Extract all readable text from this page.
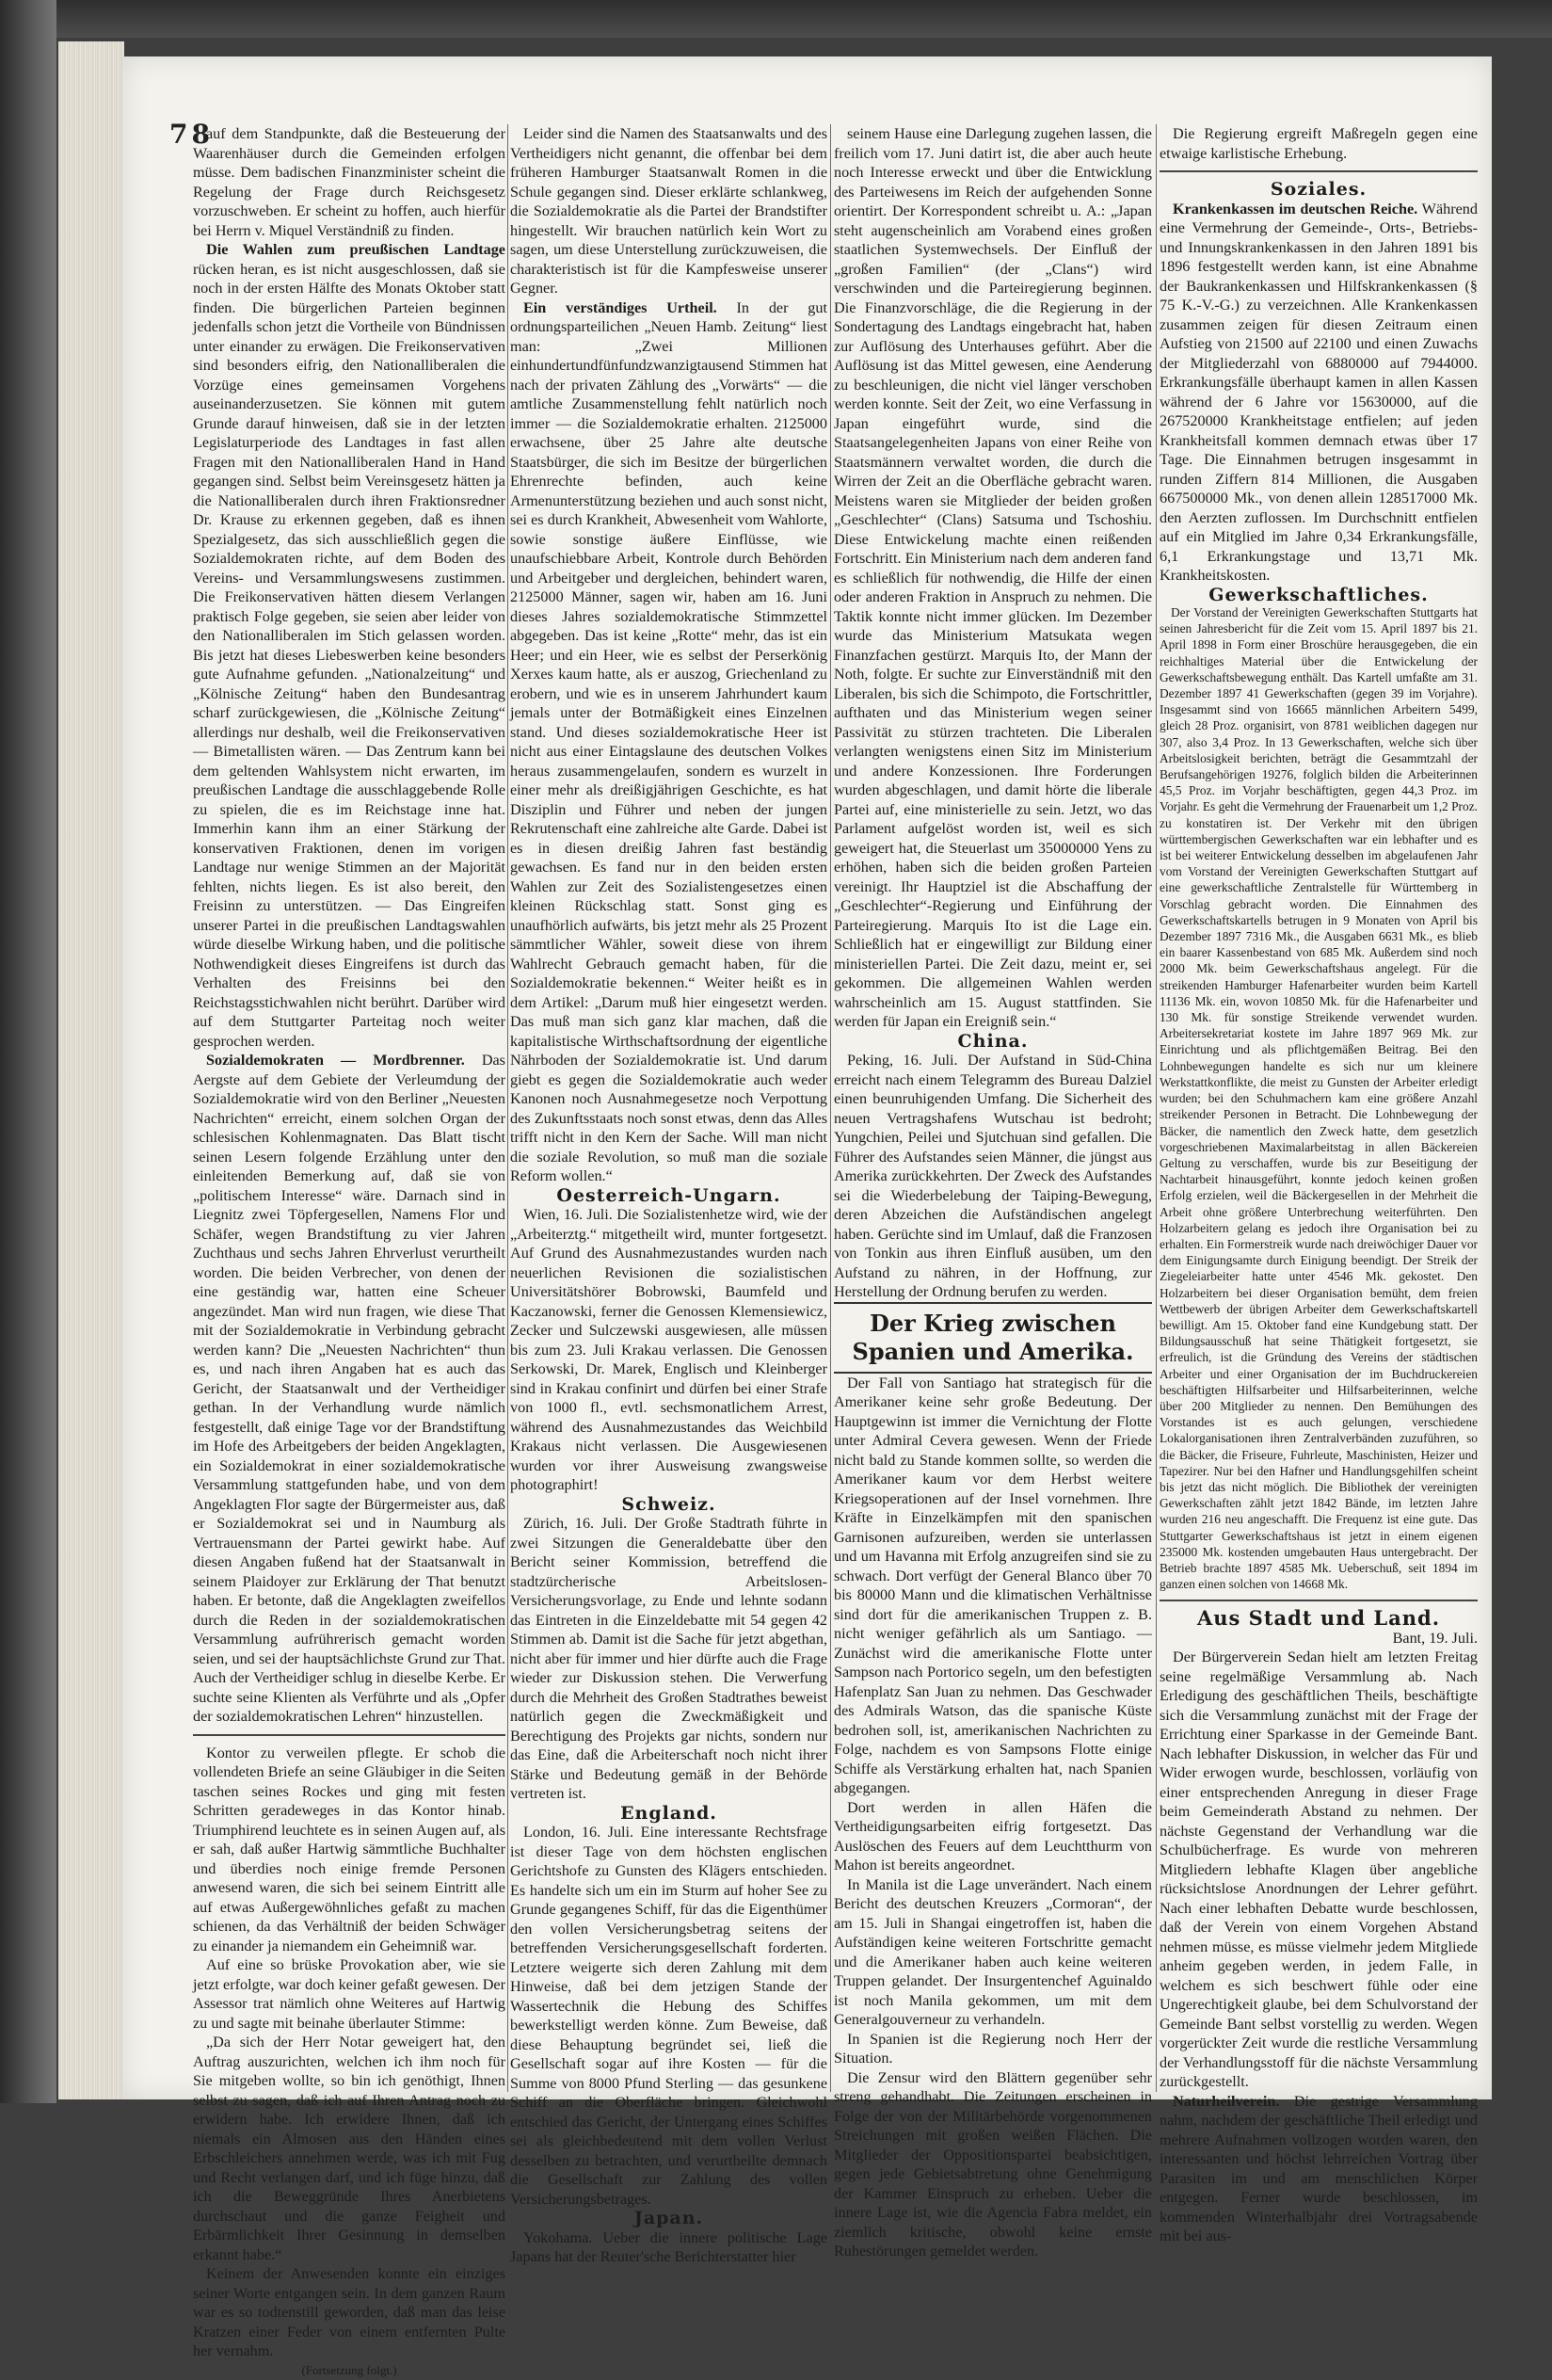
78

auf dem Standpunkte, daß die Besteuerung der Waarenhäuser durch die Gemeinden erfolgen müsse. Dem badischen Finanzminister scheint die Regelung der Frage durch Reichsgesetz vorzuschweben. Er scheint zu hoffen, auch hierfür bei Herrn v. Miquel Verständniß zu finden.

Die Wahlen zum preußischen Landtage rücken heran, es ist nicht ausgeschlossen, daß sie noch in der ersten Hälfte des Monats Oktober statt finden. Die bürgerlichen Parteien beginnen jedenfalls schon jetzt die Vortheile von Bündnissen unter einander zu erwägen. Die Freikonservativen sind besonders eifrig, den Nationalliberalen die Vorzüge eines gemeinsamen Vorgehens auseinanderzusetzen. Sie können mit gutem Grunde darauf hinweisen, daß sie in der letzten Legislaturperiode des Landtages in fast allen Fragen mit den Nationalliberalen Hand in Hand gegangen sind. Selbst beim Vereinsgesetz hätten ja die Nationalliberalen durch ihren Fraktionsredner Dr. Krause zu erkennen gegeben, daß es ihnen Spezialgesetz, das sich ausschließlich gegen die Sozialdemokraten richte, auf dem Boden des Vereins- und Versammlungswesens zustimmen. Die Freikonservativen hätten diesem Verlangen praktisch Folge gegeben, sie seien aber leider von den Nationalliberalen im Stich gelassen worden. Bis jetzt hat dieses Liebeswerben keine besonders gute Aufnahme gefunden. „Nationalzeitung“ und „Kölnische Zeitung“ haben den Bundesantrag scharf zurückgewiesen, die „Kölnische Zeitung“ allerdings nur deshalb, weil die Freikonservativen — Bimetallisten wären. — Das Zentrum kann bei dem geltenden Wahlsystem nicht erwarten, im preußischen Landtage die ausschlaggebende Rolle zu spielen, die es im Reichstage inne hat. Immerhin kann ihm an einer Stärkung der konservativen Fraktionen, denen im vorigen Landtage nur wenige Stimmen an der Majorität fehlten, nichts liegen. Es ist also bereit, den Freisinn zu unterstützen. — Das Eingreifen unserer Partei in die preußischen Landtagswahlen würde dieselbe Wirkung haben, und die politische Nothwendigkeit dieses Eingreifens ist durch das Verhalten des Freisinns bei den Reichstagsstichwahlen nicht berührt. Darüber wird auf dem Stuttgarter Parteitag noch weiter gesprochen werden.

Sozialdemokraten — Mordbrenner. Das Aergste auf dem Gebiete der Verleumdung der Sozialdemokratie wird von den Berliner „Neuesten Nachrichten“ erreicht, einem solchen Organ der schlesischen Kohlenmagnaten. Das Blatt tischt seinen Lesern folgende Erzählung unter den einleitenden Bemerkung auf, daß sie von „politischem Interesse“ wäre. Darnach sind in Liegnitz zwei Töpfergesellen, Namens Flor und Schäfer, wegen Brandstiftung zu vier Jahren Zuchthaus und sechs Jahren Ehrverlust verurtheilt worden. Die beiden Verbrecher, von denen der eine geständig war, hatten eine Scheuer angezündet. Man wird nun fragen, wie diese That mit der Sozialdemokratie in Verbindung gebracht werden kann? Die „Neuesten Nachrichten“ thun es, und nach ihren Angaben hat es auch das Gericht, der Staatsanwalt und der Vertheidiger gethan. In der Verhandlung wurde nämlich festgestellt, daß einige Tage vor der Brandstiftung im Hofe des Arbeitgebers der beiden Angeklagten, ein Sozialdemokrat in einer sozialdemokratische Versammlung stattgefunden habe, und von dem Angeklagten Flor sagte der Bürgermeister aus, daß er Sozialdemokrat sei und in Naumburg als Vertrauensmann der Partei gewirkt habe. Auf diesen Angaben fußend hat der Staatsanwalt in seinem Plaidoyer zur Erklärung der That benutzt haben. Er betonte, daß die Angeklagten zweifellos durch die Reden in der sozialdemokratischen Versammlung aufrührerisch gemacht worden seien, und sei der hauptsächlichste Grund zur That. Auch der Vertheidiger schlug in dieselbe Kerbe. Er suchte seine Klienten als Verführte und als „Opfer der sozialdemokratischen Lehren“ hinzustellen.

Kontor zu verweilen pflegte. Er schob die vollendeten Briefe an seine Gläubiger in die Seiten taschen seines Rockes und ging mit festen Schritten geradeweges in das Kontor hinab. Triumphirend leuchtete es in seinen Augen auf, als er sah, daß außer Hartwig sämmtliche Buchhalter und überdies noch einige fremde Personen anwesend waren, die sich bei seinem Eintritt alle auf etwas Außergewöhnliches gefaßt zu machen schienen, da das Verhältniß der beiden Schwäger zu einander ja niemandem ein Geheimniß war.

Auf eine so brüske Provokation aber, wie sie jetzt erfolgte, war doch keiner gefaßt gewesen. Der Assessor trat nämlich ohne Weiteres auf Hartwig zu und sagte mit beinahe überlauter Stimme:

„Da sich der Herr Notar geweigert hat, den Auftrag auszurichten, welchen ich ihm noch für Sie mitgeben wollte, so bin ich genöthigt, Ihnen selbst zu sagen, daß ich auf Ihren Antrag noch zu erwidern habe. Ich erwidere Ihnen, daß ich niemals ein Almosen aus den Händen eines Erbschleichers annehmen werde, was ich mit Fug und Recht verlangen darf, und ich füge hinzu, daß ich die Beweggründe Ihres Anerbietens durchschaut und die ganze Feigheit und Erbärmlichkeit Ihrer Gesinnung in demselben erkannt habe.“

Keinem der Anwesenden konnte ein einziges seiner Worte entgangen sein. In dem ganzen Raum war es so todtenstill geworden, daß man das leise Kratzen einer Feder von einem entfernten Pulte her vernahm.

(Fortsetzung folgt.)

Leider sind die Namen des Staatsanwalts und des Vertheidigers nicht genannt, die offenbar bei dem früheren Hamburger Staatsanwalt Romen in die Schule gegangen sind. Dieser erklärte schlankweg, die Sozialdemokratie als die Partei der Brandstifter hingestellt. Wir brauchen natürlich kein Wort zu sagen, um diese Unterstellung zurückzuweisen, die charakteristisch ist für die Kampfesweise unserer Gegner.

Ein verständiges Urtheil. In der gut ordnungsparteilichen „Neuen Hamb. Zeitung“ liest man: „Zwei Millionen einhundertundfünfundzwanzigtausend Stimmen hat nach der privaten Zählung des „Vorwärts“ — die amtliche Zusammenstellung fehlt natürlich noch immer — die Sozialdemokratie erhalten. 2125000 erwachsene, über 25 Jahre alte deutsche Staatsbürger, die sich im Besitze der bürgerlichen Ehrenrechte befinden, auch keine Armenunterstützung beziehen und auch sonst nicht, sei es durch Krankheit, Abwesenheit vom Wahlorte, sowie sonstige äußere Einflüsse, wie unaufschiebbare Arbeit, Kontrole durch Behörden und Arbeitgeber und dergleichen, behindert waren, 2125000 Männer, sagen wir, haben am 16. Juni dieses Jahres sozialdemokratische Stimmzettel abgegeben. Das ist keine „Rotte“ mehr, das ist ein Heer; und ein Heer, wie es selbst der Perserkönig Xerxes kaum hatte, als er auszog, Griechenland zu erobern, und wie es in unserem Jahrhundert kaum jemals unter der Botmäßigkeit eines Einzelnen stand. Und dieses sozialdemokratische Heer ist nicht aus einer Eintagslaune des deutschen Volkes heraus zusammengelaufen, sondern es wurzelt in einer mehr als dreißigjährigen Geschichte, es hat Disziplin und Führer und neben der jungen Rekrutenschaft eine zahlreiche alte Garde. Dabei ist es in diesen dreißig Jahren fast beständig gewachsen. Es fand nur in den beiden ersten Wahlen zur Zeit des Sozialistengesetzes einen kleinen Rückschlag statt. Sonst ging es unaufhörlich aufwärts, bis jetzt mehr als 25 Prozent sämmtlicher Wähler, soweit diese von ihrem Wahlrecht Gebrauch gemacht haben, für die Sozialdemokratie bekennen.“ Weiter heißt es in dem Artikel: „Darum muß hier eingesetzt werden. Das muß man sich ganz klar machen, daß die kapitalistische Wirthschaftsordnung der eigentliche Nährboden der Sozialdemokratie ist. Und darum giebt es gegen die Sozialdemokratie auch weder Kanonen noch Ausnahmegesetze noch Verpottung des Zukunftsstaats noch sonst etwas, denn das Alles trifft nicht in den Kern der Sache. Will man nicht die soziale Revolution, so muß man die soziale Reform wollen.“

Oesterreich-Ungarn.

Wien, 16. Juli. Die Sozialistenhetze wird, wie der „Arbeiterztg.“ mitgetheilt wird, munter fortgesetzt. Auf Grund des Ausnahmezustandes wurden nach neuerlichen Revisionen die sozialistischen Universitätshörer Bobrowski, Baumfeld und Kaczanowski, ferner die Genossen Klemensiewicz, Zecker und Sulczewski ausgewiesen, alle müssen bis zum 23. Juli Krakau verlassen. Die Genossen Serkowski, Dr. Marek, Englisch und Kleinberger sind in Krakau confinirt und dürfen bei einer Strafe von 1000 fl., evtl. sechsmonatlichem Arrest, während des Ausnahmezustandes das Weichbild Krakaus nicht verlassen. Die Ausgewiesenen wurden vor ihrer Ausweisung zwangsweise photographirt!

Schweiz.

Zürich, 16. Juli. Der Große Stadtrath führte in zwei Sitzungen die Generaldebatte über den Bericht seiner Kommission, betreffend die stadtzürcherische Arbeitslosen-Versicherungsvorlage, zu Ende und lehnte sodann das Eintreten in die Einzeldebatte mit 54 gegen 42 Stimmen ab. Damit ist die Sache für jetzt abgethan, nicht aber für immer und hier dürfte auch die Frage wieder zur Diskussion stehen. Die Verwerfung durch die Mehrheit des Großen Stadtrathes beweist natürlich gegen die Zweckmäßigkeit und Berechtigung des Projekts gar nichts, sondern nur das Eine, daß die Arbeiterschaft noch nicht ihrer Stärke und Bedeutung gemäß in der Behörde vertreten ist.

England.

London, 16. Juli. Eine interessante Rechtsfrage ist dieser Tage von dem höchsten englischen Gerichtshofe zu Gunsten des Klägers entschieden. Es handelte sich um ein im Sturm auf hoher See zu Grunde gegangenes Schiff, für das die Eigenthümer den vollen Versicherungsbetrag seitens der betreffenden Versicherungsgesellschaft forderten. Letztere weigerte sich deren Zahlung mit dem Hinweise, daß bei dem jetzigen Stande der Wassertechnik die Hebung des Schiffes bewerkstelligt werden könne. Zum Beweise, daß diese Behauptung begründet sei, ließ die Gesellschaft sogar auf ihre Kosten — für die Summe von 8000 Pfund Sterling — das gesunkene Schiff an die Oberfläche bringen. Gleichwohl entschied das Gericht, der Untergang eines Schiffes sei als gleichbedeutend mit dem vollen Verlust desselben zu betrachten, und verurtheilte demnach die Gesellschaft zur Zahlung des vollen Versicherungsbetrages.

Japan.

Yokohama. Ueber die innere politische Lage Japans hat der Reuter'sche Berichterstatter hier

seinem Hause eine Darlegung zugehen lassen, die freilich vom 17. Juni datirt ist, die aber auch heute noch Interesse erweckt und über die Entwicklung des Parteiwesens im Reich der aufgehenden Sonne orientirt. Der Korrespondent schreibt u. A.: „Japan steht augenscheinlich am Vorabend eines großen staatlichen Systemwechsels. Der Einfluß der „großen Familien“ (der „Clans“) wird verschwinden und die Parteiregierung beginnen. Die Finanzvorschläge, die die Regierung in der Sondertagung des Landtags eingebracht hat, haben zur Auflösung des Unterhauses geführt. Aber die Auflösung ist das Mittel gewesen, eine Aenderung zu beschleunigen, die nicht viel länger verschoben werden konnte. Seit der Zeit, wo eine Verfassung in Japan eingeführt wurde, sind die Staatsangelegenheiten Japans von einer Reihe von Staatsmännern verwaltet worden, die durch die Wirren der Zeit an die Oberfläche gebracht waren. Meistens waren sie Mitglieder der beiden großen „Geschlechter“ (Clans) Satsuma und Tschoshiu. Diese Entwickelung machte einen reißenden Fortschritt. Ein Ministerium nach dem anderen fand es schließlich für nothwendig, die Hilfe der einen oder anderen Fraktion in Anspruch zu nehmen. Die Taktik konnte nicht immer glücken. Im Dezember wurde das Ministerium Matsukata wegen Finanzfachen gestürzt. Marquis Ito, der Mann der Noth, folgte. Er suchte zur Einverständniß mit den Liberalen, bis sich die Schimpoto, die Fortschrittler, aufthaten und das Ministerium wegen seiner Passivität zu stürzen trachteten. Die Liberalen verlangten wenigstens einen Sitz im Ministerium und andere Konzessionen. Ihre Forderungen wurden abgeschlagen, und damit hörte die liberale Partei auf, eine ministerielle zu sein. Jetzt, wo das Parlament aufgelöst worden ist, weil es sich geweigert hat, die Steuerlast um 35000000 Yens zu erhöhen, haben sich die beiden großen Parteien vereinigt. Ihr Hauptziel ist die Abschaffung der „Geschlechter“-Regierung und Einführung der Parteiregierung. Marquis Ito ist die Lage ein. Schließlich hat er eingewilligt zur Bildung einer ministeriellen Partei. Die Zeit dazu, meint er, sei gekommen. Die allgemeinen Wahlen werden wahrscheinlich am 15. August stattfinden. Sie werden für Japan ein Ereigniß sein.“

China.

Peking, 16. Juli. Der Aufstand in Süd-China erreicht nach einem Telegramm des Bureau Dalziel einen beunruhigenden Umfang. Die Sicherheit des neuen Vertragshafens Wutschau ist bedroht; Yungchien, Peilei und Sjutchuan sind gefallen. Die Führer des Aufstandes seien Männer, die jüngst aus Amerika zurückkehrten. Der Zweck des Aufstandes sei die Wiederbelebung der Taiping-Bewegung, deren Abzeichen die Aufständischen angelegt haben. Gerüchte sind im Umlauf, daß die Franzosen von Tonkin aus ihren Einfluß ausüben, um den Aufstand zu nähren, in der Hoffnung, zur Herstellung der Ordnung berufen zu werden.

Der Krieg zwischen Spanien und Amerika.

Der Fall von Santiago hat strategisch für die Amerikaner keine sehr große Bedeutung. Der Hauptgewinn ist immer die Vernichtung der Flotte unter Admiral Cevera gewesen. Wenn der Friede nicht bald zu Stande kommen sollte, so werden die Amerikaner kaum vor dem Herbst weitere Kriegsoperationen auf der Insel vornehmen. Ihre Kräfte in Einzelkämpfen mit den spanischen Garnisonen aufzureiben, werden sie unterlassen und um Havanna mit Erfolg anzugreifen sind sie zu schwach. Dort verfügt der General Blanco über 70 bis 80000 Mann und die klimatischen Verhältnisse sind dort für die amerikanischen Truppen z. B. nicht weniger gefährlich als um Santiago. — Zunächst wird die amerikanische Flotte unter Sampson nach Portorico segeln, um den befestigten Hafenplatz San Juan zu nehmen. Das Geschwader des Admirals Watson, das die spanische Küste bedrohen soll, ist, amerikanischen Nachrichten zu Folge, nachdem es von Sampsons Flotte einige Schiffe als Verstärkung erhalten hat, nach Spanien abgegangen.

Dort werden in allen Häfen die Vertheidigungsarbeiten eifrig fortgesetzt. Das Auslöschen des Feuers auf dem Leuchtthurm von Mahon ist bereits angeordnet.

In Manila ist die Lage unverändert. Nach einem Bericht des deutschen Kreuzers „Cormoran“, der am 15. Juli in Shangai eingetroffen ist, haben die Aufständigen keine weiteren Fortschritte gemacht und die Amerikaner haben auch keine weiteren Truppen gelandet. Der Insurgentenchef Aguinaldo ist noch Manila gekommen, um mit dem Generalgouverneur zu verhandeln.

In Spanien ist die Regierung noch Herr der Situation.

Die Zensur wird den Blättern gegenüber sehr streng gehandhabt. Die Zeitungen erscheinen in Folge der von der Militärbehörde vorgenommenen Streichungen mit großen weißen Flächen. Die Mitglieder der Oppositionspartei beabsichtigen, gegen jede Gebietsabtretung ohne Genehmigung der Kammer Einspruch zu erheben. Ueber die innere Lage ist, wie die Agencia Fabra meldet, ein ziemlich kritische, obwohl keine ernste Ruhestörungen gemeldet werden.

Die Regierung ergreift Maßregeln gegen eine etwaige karlistische Erhebung.

Soziales.

Krankenkassen im deutschen Reiche. Während eine Vermehrung der Gemeinde-, Orts-, Betriebs- und Innungskrankenkassen in den Jahren 1891 bis 1896 festgestellt werden kann, ist eine Abnahme der Baukrankenkassen und Hilfskrankenkassen (§ 75 K.-V.-G.) zu verzeichnen. Alle Krankenkassen zusammen zeigen für diesen Zeitraum einen Aufstieg von 21500 auf 22100 und einen Zuwachs der Mitgliederzahl von 6880000 auf 7944000. Erkrankungsfälle überhaupt kamen in allen Kassen während der 6 Jahre vor 15630000, auf die 267520000 Krankheitstage entfielen; auf jeden Krankheitsfall kommen demnach etwas über 17 Tage. Die Einnahmen betrugen insgesammt in runden Ziffern 814 Millionen, die Ausgaben 667500000 Mk., von denen allein 128517000 Mk. den Aerzten zuflossen. Im Durchschnitt entfielen auf ein Mitglied im Jahre 0,34 Erkrankungsfälle, 6,1 Erkrankungstage und 13,71 Mk. Krankheitskosten.

Gewerkschaftliches.

Der Vorstand der Vereinigten Gewerkschaften Stuttgarts hat seinen Jahresbericht für die Zeit vom 15. April 1897 bis 21. April 1898 in Form einer Broschüre herausgegeben, die ein reichhaltiges Material über die Entwickelung der Gewerkschaftsbewegung enthält. Das Kartell umfaßte am 31. Dezember 1897 41 Gewerkschaften (gegen 39 im Vorjahre). Insgesammt sind von 16665 männlichen Arbeitern 5499, gleich 28 Proz. organisirt, von 8781 weiblichen dagegen nur 307, also 3,4 Proz. In 13 Gewerkschaften, welche sich über Arbeitslosigkeit berichten, beträgt die Gesammtzahl der Berufsangehörigen 19276, folglich bilden die Arbeiterinnen 45,5 Proz. im Vorjahr beschäftigten, gegen 44,3 Proz. im Vorjahr. Es geht die Vermehrung der Frauenarbeit um 1,2 Proz. zu konstatiren ist. Der Verkehr mit den übrigen württembergischen Gewerkschaften war ein lebhafter und es ist bei weiterer Entwickelung desselben im abgelaufenen Jahr vom Vorstand der Vereinigten Gewerkschaften Stuttgart auf eine gewerkschaftliche Zentralstelle für Württemberg in Vorschlag gebracht worden. Die Einnahmen des Gewerkschaftskartells betrugen in 9 Monaten von April bis Dezember 1897 7316 Mk., die Ausgaben 6631 Mk., es blieb ein baarer Kassenbestand von 685 Mk. Außerdem sind noch 2000 Mk. beim Gewerkschaftshaus angelegt. Für die streikenden Hamburger Hafenarbeiter wurden beim Kartell 11136 Mk. ein, wovon 10850 Mk. für die Hafenarbeiter und 130 Mk. für sonstige Streikende verwendet wurden. Arbeitersekretariat kostete im Jahre 1897 969 Mk. zur Einrichtung und als pflichtgemäßen Beitrag. Bei den Lohnbewegungen handelte es sich nur um kleinere Werkstattkonflikte, die meist zu Gunsten der Arbeiter erledigt wurden; bei den Schuhmachern kam eine größere Anzahl streikender Personen in Betracht. Die Lohnbewegung der Bäcker, die namentlich den Zweck hatte, dem gesetzlich vorgeschriebenen Maximalarbeitstag in allen Bäckereien Geltung zu verschaffen, wurde bis zur Beseitigung der Nachtarbeit hinausgeführt, konnte jedoch keinen großen Erfolg erzielen, weil die Bäckergesellen in der Mehrheit die Arbeit ohne größere Unterbrechung weiterführten. Den Holzarbeitern gelang es jedoch ihre Organisation bei zu erhalten. Ein Formerstreik wurde nach dreiwöchiger Dauer vor dem Einigungsamte durch Einigung beendigt. Der Streik der Ziegeleiarbeiter hatte unter 4546 Mk. gekostet. Den Holzarbeitern bei dieser Organisation bemüht, dem freien Wettbewerb der übrigen Arbeiter dem Gewerkschaftskartell bewilligt. Am 15. Oktober fand eine Kundgebung statt. Der Bildungsausschuß hat seine Thätigkeit fortgesetzt, sie erfreulich, ist die Gründung des Vereins der städtischen Arbeiter und einer Organisation der im Buchdruckereien beschäftigten Hilfsarbeiter und Hilfsarbeiterinnen, welche über 200 Mitglieder zu nennen. Den Bemühungen des Vorstandes ist es auch gelungen, verschiedene Lokalorganisationen ihren Zentralverbänden zuzuführen, so die Bäcker, die Friseure, Fuhrleute, Maschinisten, Heizer und Tapezirer. Nur bei den Hafner und Handlungsgehilfen scheint bis jetzt das nicht möglich. Die Bibliothek der vereinigten Gewerkschaften zählt jetzt 1842 Bände, im letzten Jahre wurden 216 neu angeschafft. Die Frequenz ist eine gute. Das Stuttgarter Gewerkschaftshaus ist jetzt in einem eigenen 235000 Mk. kostenden umgebauten Haus untergebracht. Der Betrieb brachte 1897 4585 Mk. Ueberschuß, seit 1894 im ganzen einen solchen von 14668 Mk.

Aus Stadt und Land.

Bant, 19. Juli.

Der Bürgerverein Sedan hielt am letzten Freitag seine regelmäßige Versammlung ab. Nach Erledigung des geschäftlichen Theils, beschäftigte sich die Versammlung zunächst mit der Frage der Errichtung einer Sparkasse in der Gemeinde Bant. Nach lebhafter Diskussion, in welcher das Für und Wider erwogen wurde, beschlossen, vorläufig von einer entsprechenden Anregung in dieser Frage beim Gemeinderath Abstand zu nehmen. Der nächste Gegenstand der Verhandlung war die Schulbücherfrage. Es wurde von mehreren Mitgliedern lebhafte Klagen über angebliche rücksichtslose Anordnungen der Lehrer geführt. Nach einer lebhaften Debatte wurde beschlossen, daß der Verein von einem Vorgehen Abstand nehmen müsse, es müsse vielmehr jedem Mitgliede anheim gegeben werden, in jedem Falle, in welchem es sich beschwert fühle oder eine Ungerechtigkeit glaube, bei dem Schulvorstand der Gemeinde Bant selbst vorstellig zu werden. Wegen vorgerückter Zeit wurde die restliche Versammlung der Verhandlungsstoff für die nächste Versammlung zurückgestellt.

Naturheilverein. Die gestrige Versammlung nahm, nachdem der geschäftliche Theil erledigt und mehrere Aufnahmen vollzogen worden waren, den interessanten und höchst lehrreichen Vortrag über Parasiten im und am menschlichen Körper entgegen. Ferner wurde beschlossen, im kommenden Winterhalbjahr drei Vortragsabende mit bei aus-
